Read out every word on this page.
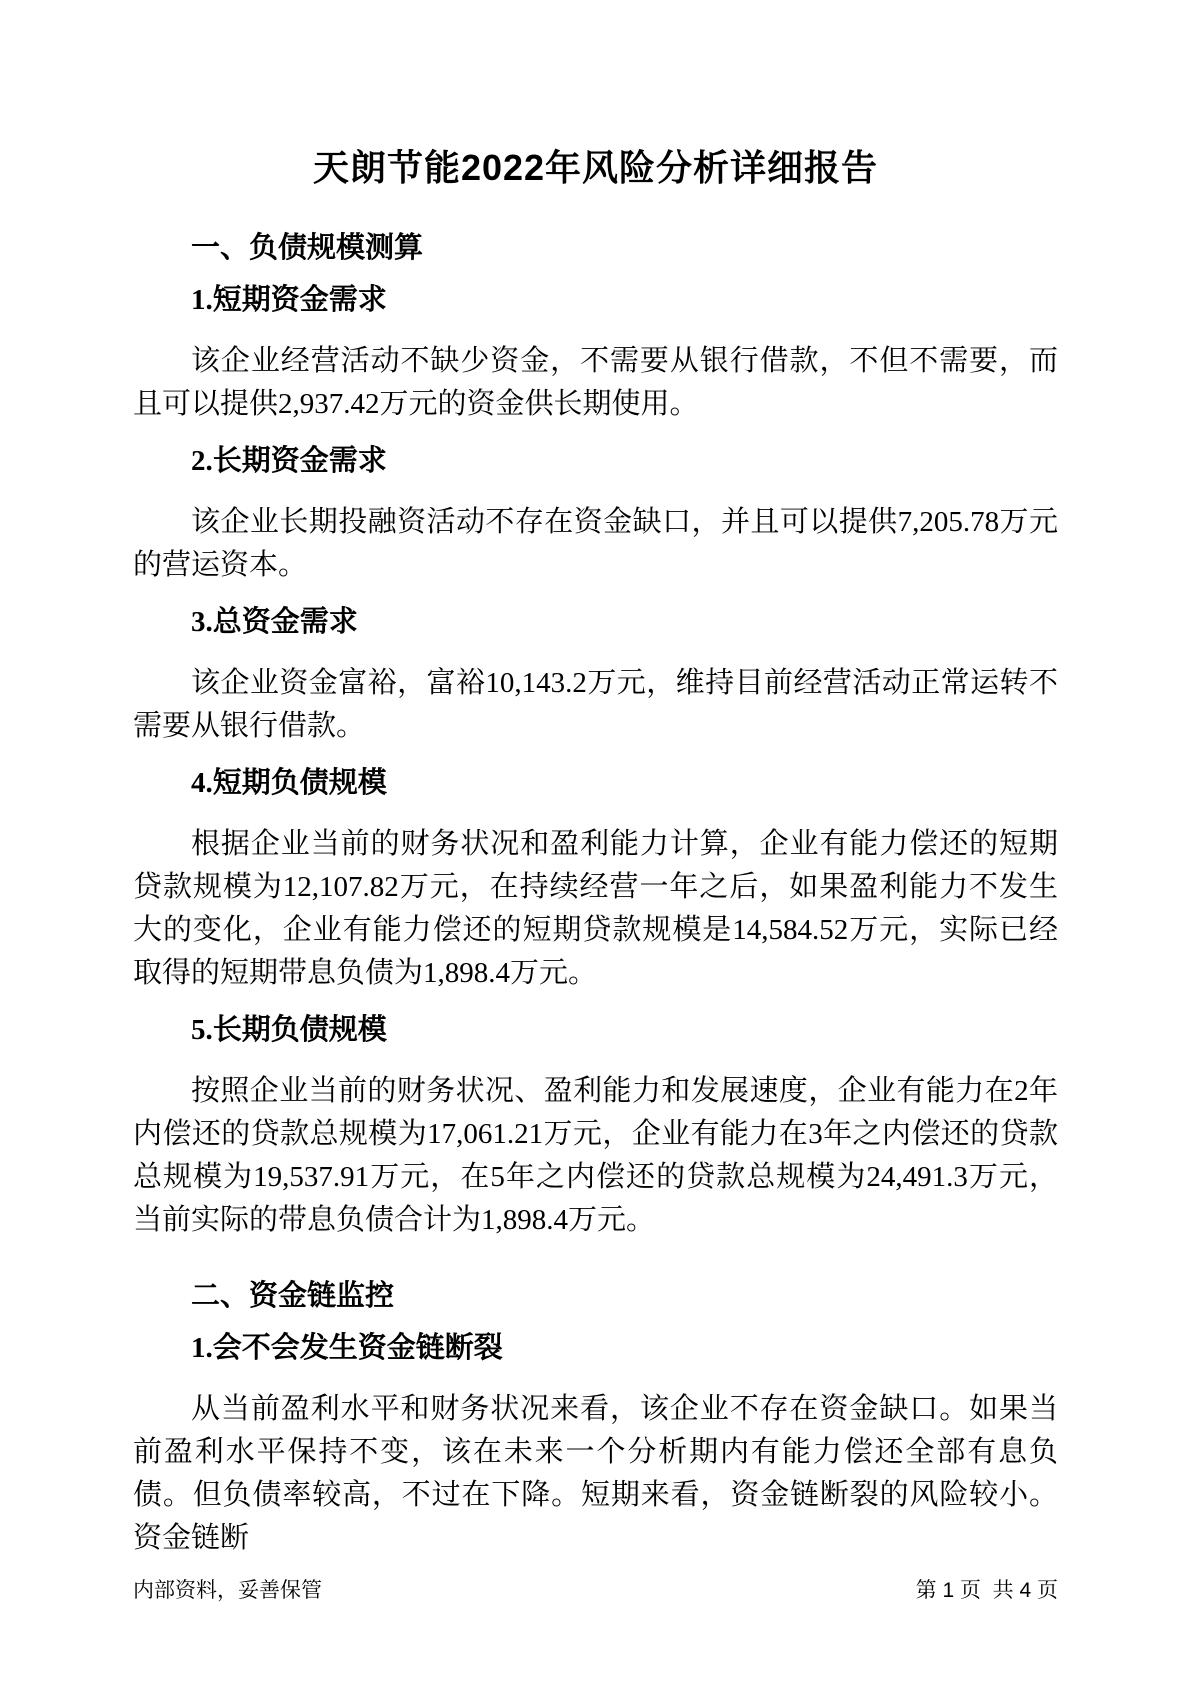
天朗节能2022年风险分析详细报告
一、负债规模测算
1.短期资金需求

该企业经营活动不缺少资金，不需要从银行借款，不但不需要，而且可以提供2,937.42万元的资金供长期使用。

2.长期资金需求

该企业长期投融资活动不存在资金缺口，并且可以提供7,205.78万元的营运资本。

3.总资金需求

该企业资金富裕，富裕10,143.2万元，维持目前经营活动正常运转不需要从银行借款。

4.短期负债规模

根据企业当前的财务状况和盈利能力计算，企业有能力偿还的短期贷款规模为12,107.82万元，在持续经营一年之后，如果盈利能力不发生大的变化，企业有能力偿还的短期贷款规模是14,584.52万元，实际已经取得的短期带息负债为1,898.4万元。

5.长期负债规模

按照企业当前的财务状况、盈利能力和发展速度，企业有能力在2年内偿还的贷款总规模为17,061.21万元，企业有能力在3年之内偿还的贷款总规模为19,537.91万元，在5年之内偿还的贷款总规模为24,491.3万元，当前实际的带息负债合计为1,898.4万元。

二、资金链监控
1.会不会发生资金链断裂

从当前盈利水平和财务状况来看，该企业不存在资金缺口。如果当前盈利水平保持不变，该在未来一个分析期内有能力偿还全部有息负债。但负债率较高，不过在下降。短期来看，资金链断裂的风险较小。资金链断

内部资料，妥善保管	第 1 页  共 4 页
